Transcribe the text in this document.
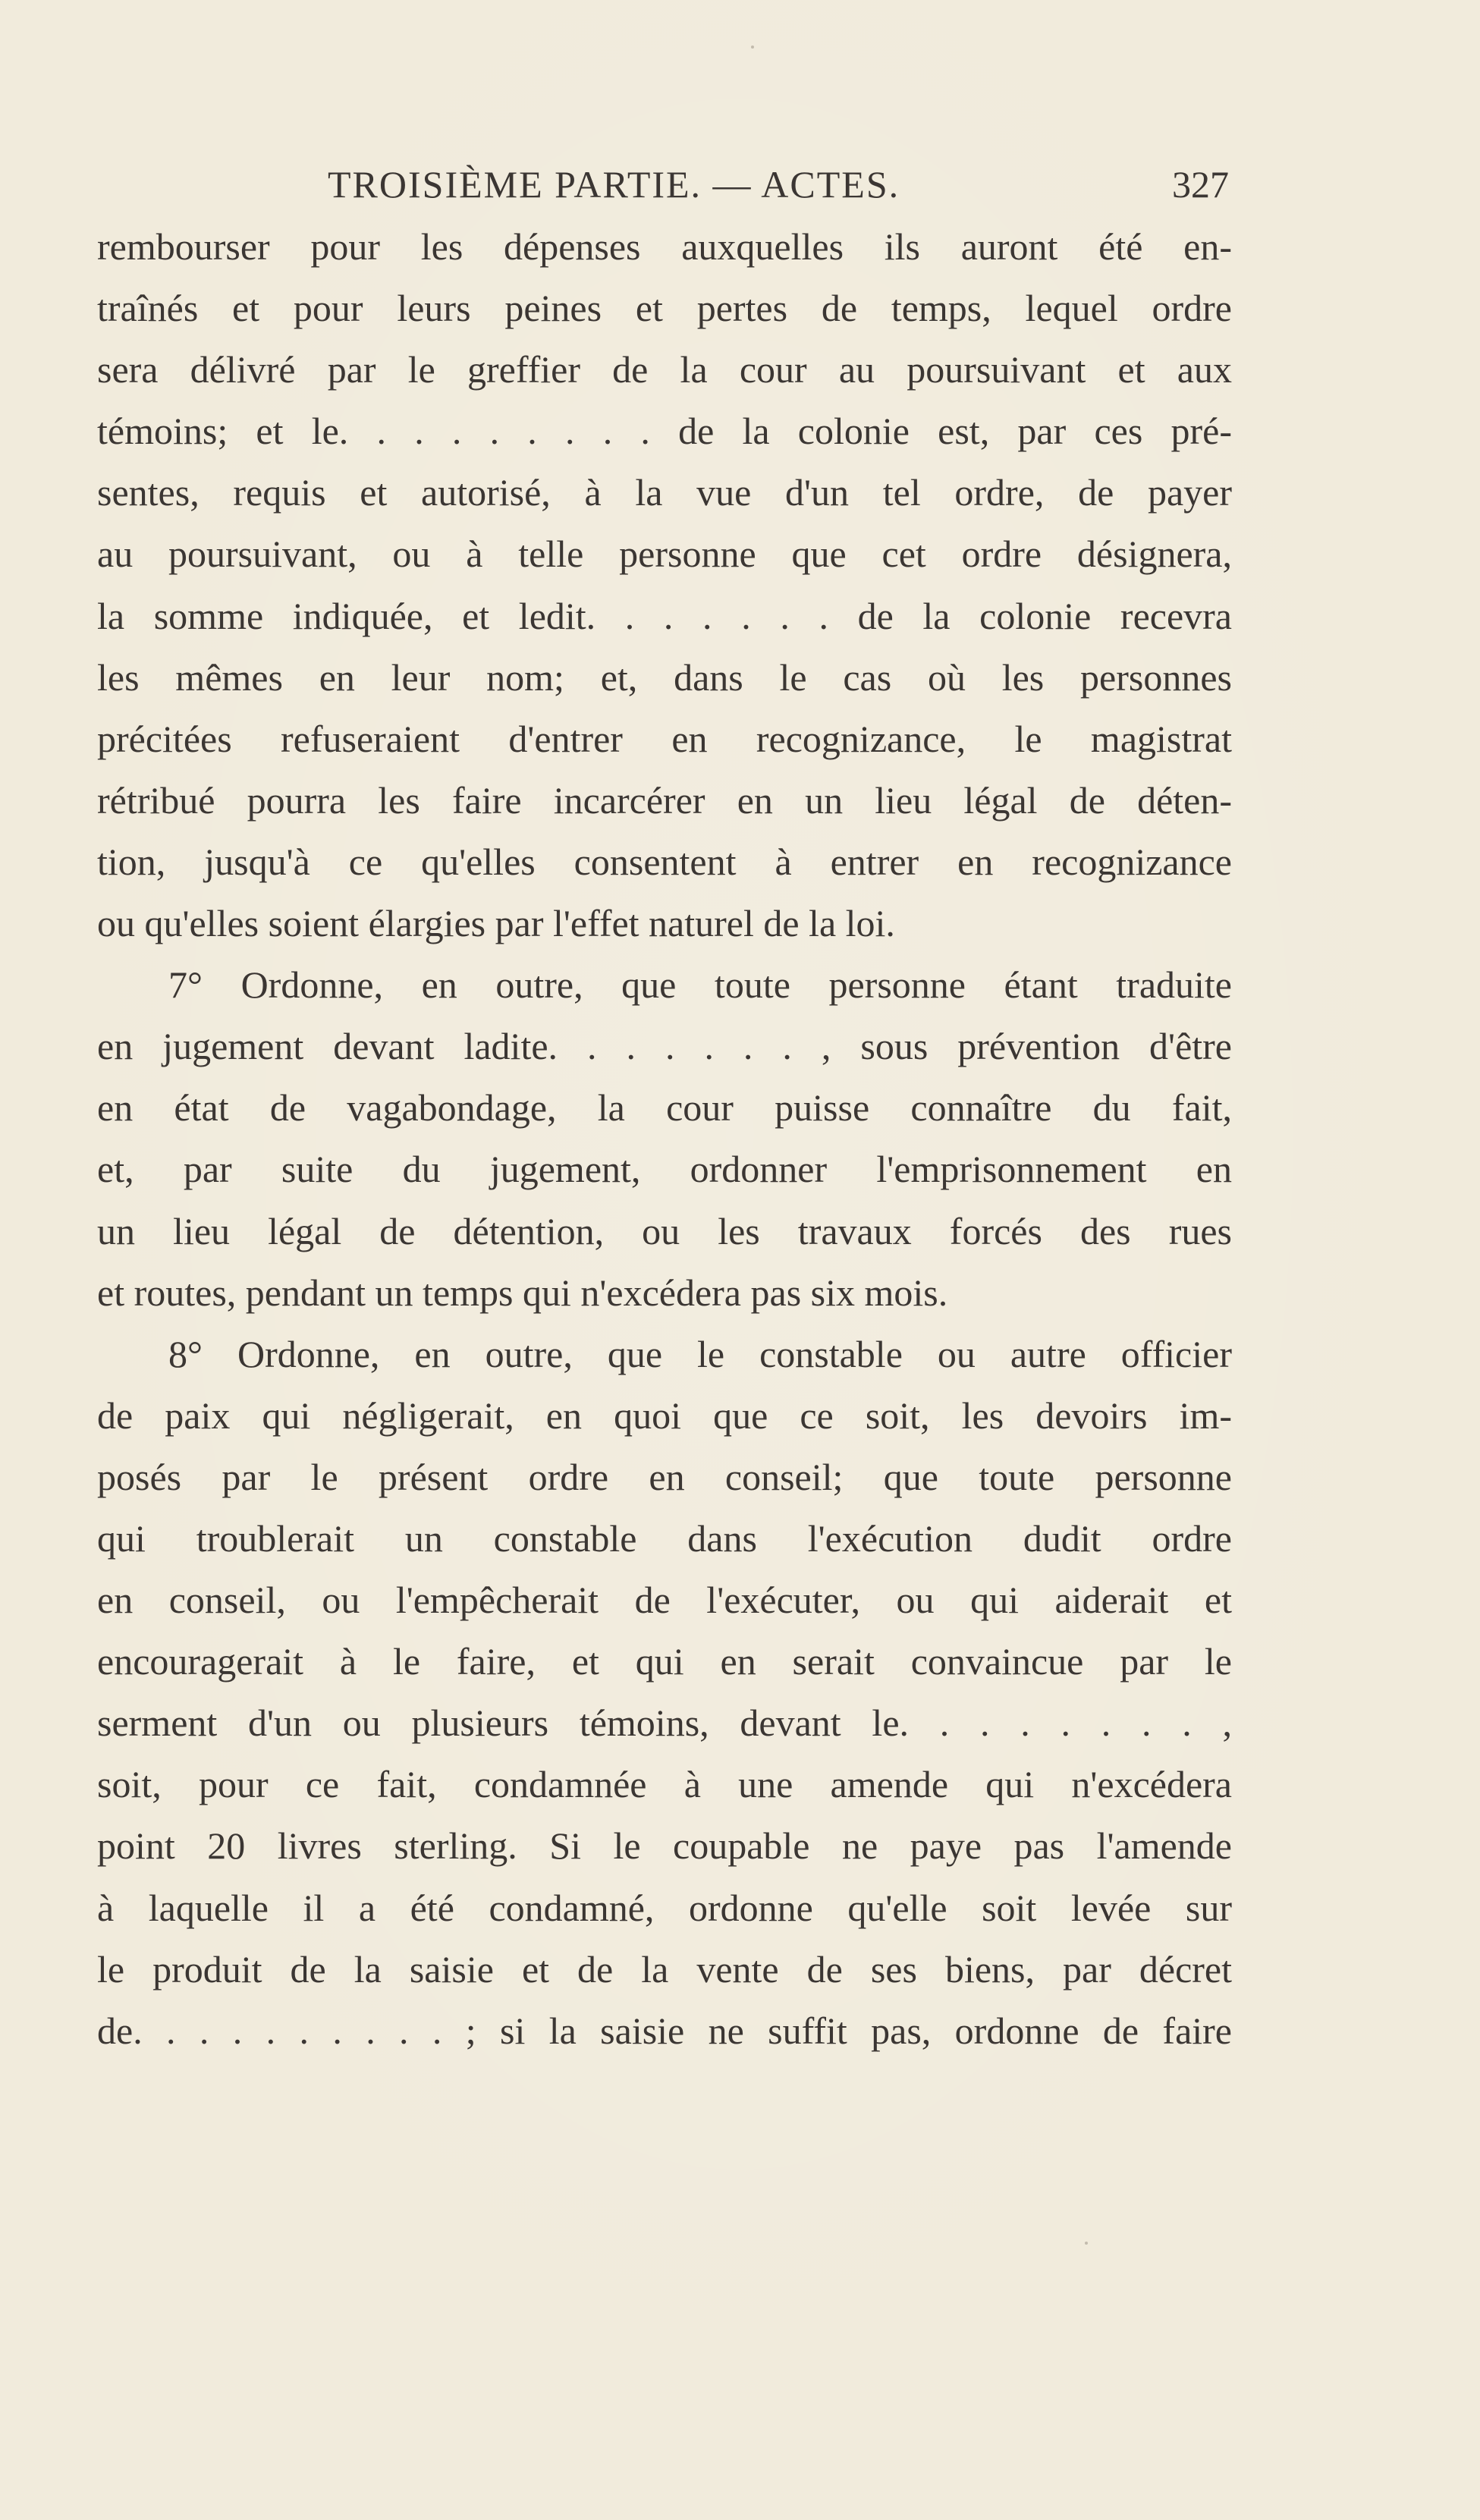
TROISIÈME PARTIE. — ACTES.	327
rembourser pour les dépenses auxquelles ils auront été en-
traînés et pour leurs peines et pertes de temps, lequel ordre
sera délivré par le greffier de la cour au poursuivant et aux
témoins; et le. . . . . . . . . de la colonie est, par ces pré-
sentes, requis et autorisé, à la vue d'un tel ordre, de payer
au poursuivant, ou à telle personne que cet ordre désignera,
la somme indiquée, et ledit. . . . . . . de la colonie recevra
les mêmes en leur nom; et, dans le cas où les personnes
précitées refuseraient d'entrer en recognizance, le magistrat
rétribué pourra les faire incarcérer en un lieu légal de déten-
tion, jusqu'à ce qu'elles consentent à entrer en recognizance
ou qu'elles soient élargies par l'effet naturel de la loi.
7° Ordonne, en outre, que toute personne étant traduite
en jugement devant ladite. . . . . . . , sous prévention d'être
en état de vagabondage, la cour puisse connaître du fait,
et, par suite du jugement, ordonner l'emprisonnement en
un lieu légal de détention, ou les travaux forcés des rues
et routes, pendant un temps qui n'excédera pas six mois.
8° Ordonne, en outre, que le constable ou autre officier
de paix qui négligerait, en quoi que ce soit, les devoirs im-
posés par le présent ordre en conseil; que toute personne
qui troublerait un constable dans l'exécution dudit ordre
en conseil, ou l'empêcherait de l'exécuter, ou qui aiderait et
encouragerait à le faire, et qui en serait convaincue par le
serment d'un ou plusieurs témoins, devant le. . . . . . . . ,
soit, pour ce fait, condamnée à une amende qui n'excédera
point 20 livres sterling. Si le coupable ne paye pas l'amende
à laquelle il a été condamné, ordonne qu'elle soit levée sur
le produit de la saisie et de la vente de ses biens, par décret
de. . . . . . . . . . ; si la saisie ne suffit pas, ordonne de faire
